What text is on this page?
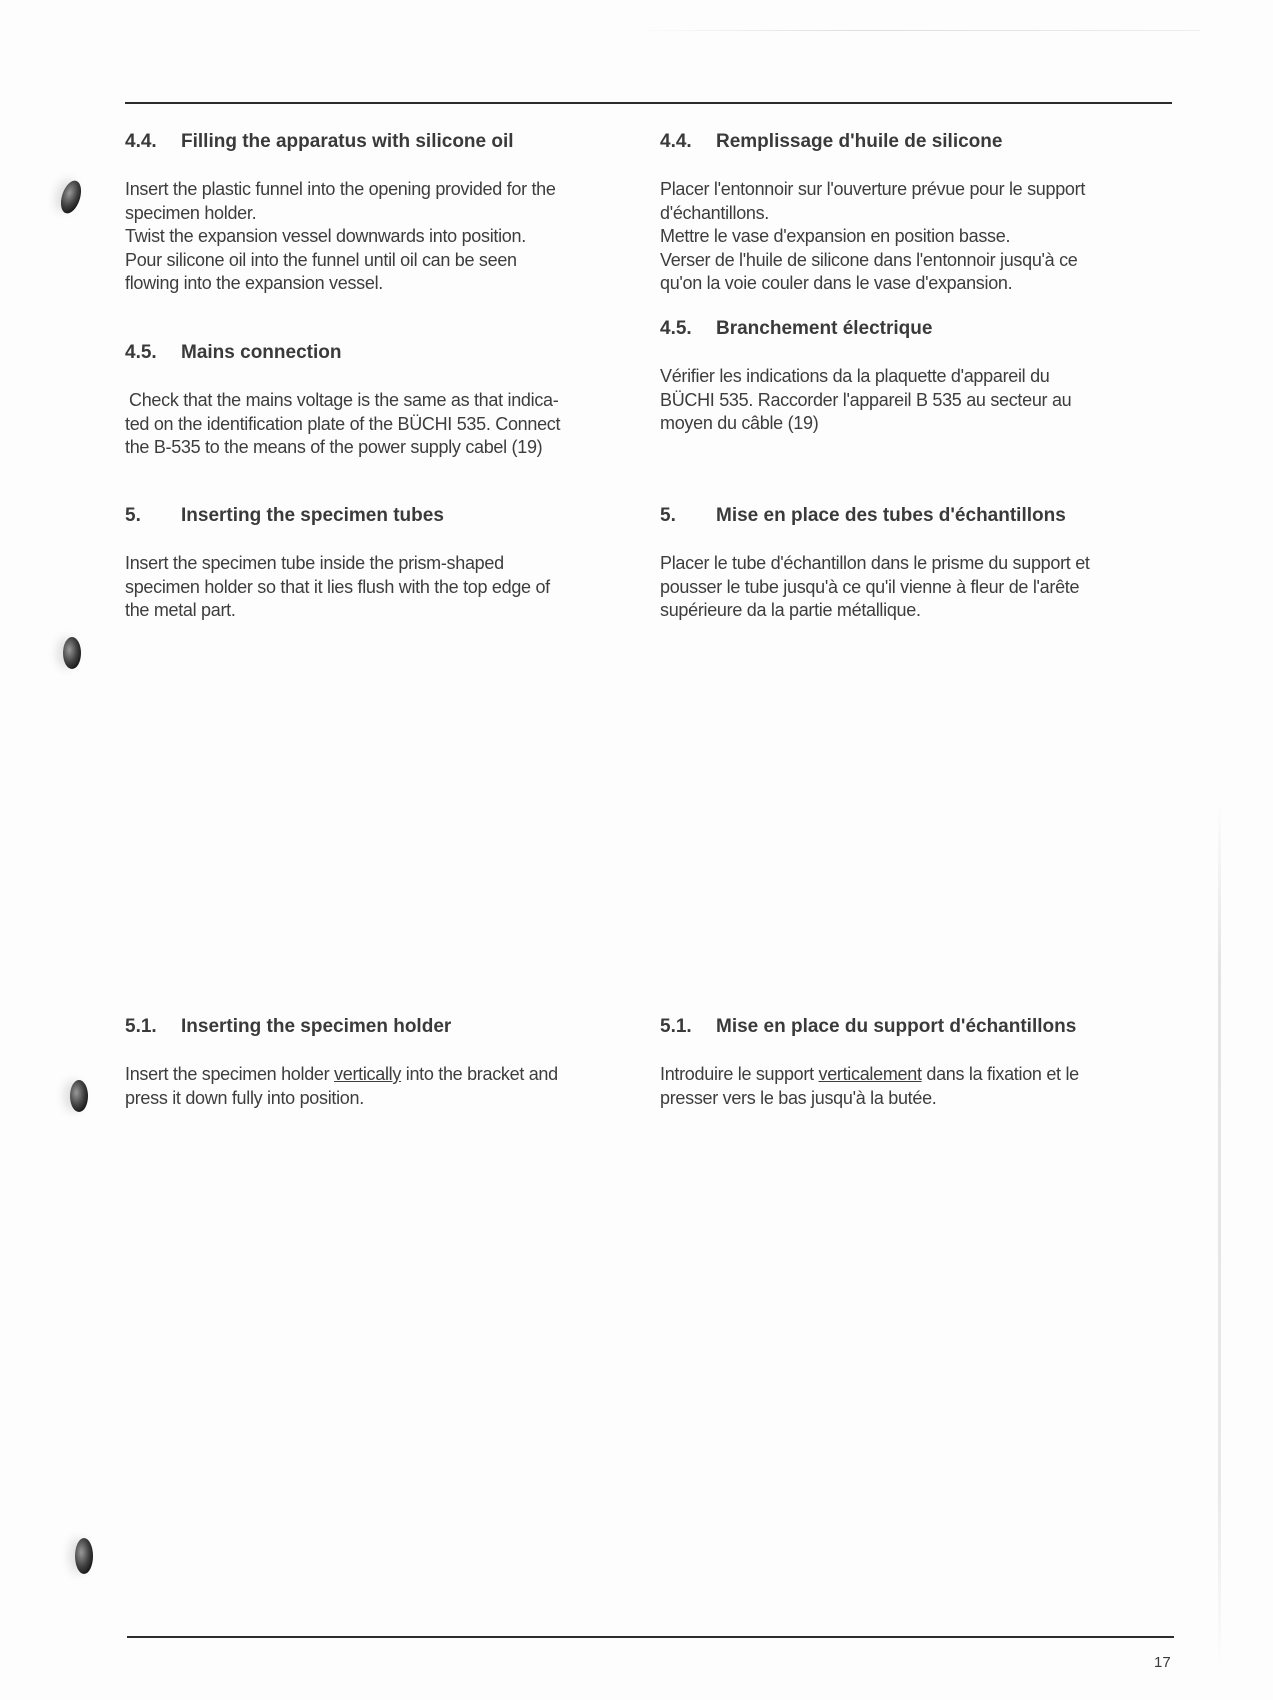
4.4. Filling the apparatus with silicone oil
Insert the plastic funnel into the opening provided for the
specimen holder.
Twist the expansion vessel downwards into position.
Pour silicone oil into the funnel until oil can be seen
flowing into the expansion vessel.
4.5. Mains connection
Check that the mains voltage is the same as that indica-
ted on the identification plate of the BÜCHI 535. Connect
the B-535 to the means of the power supply cabel (19)
5. Inserting the specimen tubes
Insert the specimen tube inside the prism-shaped
specimen holder so that it lies flush with the top edge of
the metal part.
5.1. Inserting the specimen holder
Insert the specimen holder vertically into the bracket and
press it down fully into position.
4.4. Remplissage d'huile de silicone
Placer l'entonnoir sur l'ouverture prévue pour le support
d'échantillons.
Mettre le vase d'expansion en position basse.
Verser de l'huile de silicone dans l'entonnoir jusqu'à ce
qu'on la voie couler dans le vase d'expansion.
4.5. Branchement électrique
Vérifier les indications da la plaquette d'appareil du
BÜCHI 535. Raccorder l'appareil B 535 au secteur au
moyen du câble (19)
5. Mise en place des tubes d'échantillons
Placer le tube d'échantillon dans le prisme du support et
pousser le tube jusqu'à ce qu'il vienne à fleur de l'arête
supérieure da la partie métallique.
5.1. Mise en place du support d'échantillons
Introduire le support verticalement dans la fixation et le
presser vers le bas jusqu'à la butée.
17
